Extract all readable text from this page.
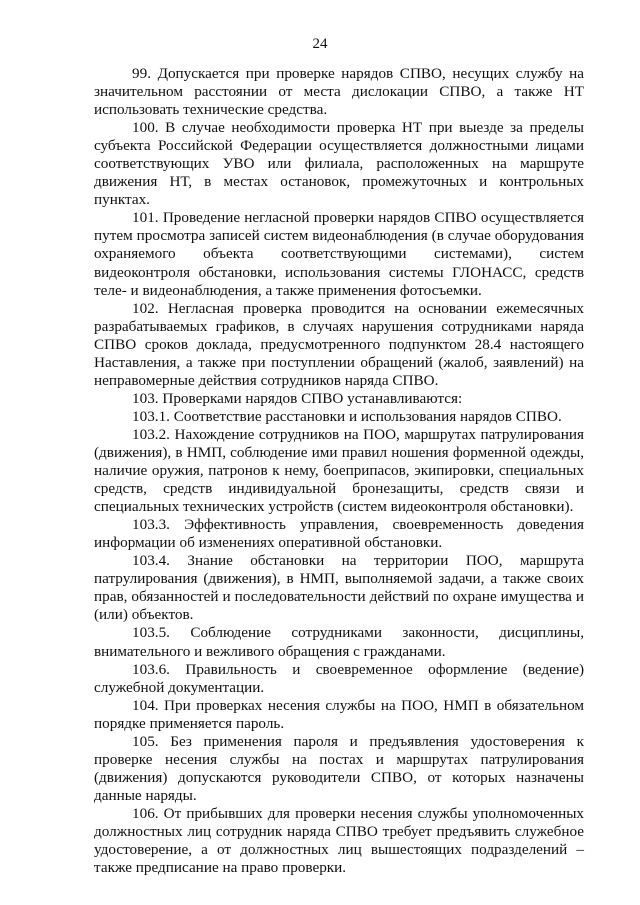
24

99. Допускается при проверке нарядов СПВО, несущих службу на значительном расстоянии от места дислокации СПВО, а также НТ использовать технические средства.

100. В случае необходимости проверка НТ при выезде за пределы субъекта Российской Федерации осуществляется должностными лицами соответствующих УВО или филиала, расположенных на маршруте движения НТ, в местах остановок, промежуточных и контрольных пунктах.

101. Проведение негласной проверки нарядов СПВО осуществляется путем просмотра записей систем видеонаблюдения (в случае оборудования охраняемого объекта соответствующими системами), систем видеоконтроля обстановки, использования системы ГЛОНАСС, средств теле- и видеонаблюдения, а также применения фотосъемки.

102. Негласная проверка проводится на основании ежемесячных разрабатываемых графиков, в случаях нарушения сотрудниками наряда СПВО сроков доклада, предусмотренного подпунктом 28.4 настоящего Наставления, а также при поступлении обращений (жалоб, заявлений) на неправомерные действия сотрудников наряда СПВО.

103. Проверками нарядов СПВО устанавливаются:

103.1. Соответствие расстановки и использования нарядов СПВО.

103.2. Нахождение сотрудников на ПОО, маршрутах патрулирования (движения), в НМП, соблюдение ими правил ношения форменной одежды, наличие оружия, патронов к нему, боеприпасов, экипировки, специальных средств, средств индивидуальной бронезащиты, средств связи и специальных технических устройств (систем видеоконтроля обстановки).

103.3. Эффективность управления, своевременность доведения информации об изменениях оперативной обстановки.

103.4. Знание обстановки на территории ПОО, маршрута патрулирования (движения), в НМП, выполняемой задачи, а также своих прав, обязанностей и последовательности действий по охране имущества и (или) объектов.

103.5. Соблюдение сотрудниками законности, дисциплины, внимательного и вежливого обращения с гражданами.

103.6. Правильность и своевременное оформление (ведение) служебной документации.

104. При проверках несения службы на ПОО, НМП в обязательном порядке применяется пароль.

105. Без применения пароля и предъявления удостоверения к проверке несения службы на постах и маршрутах патрулирования (движения) допускаются руководители СПВО, от которых назначены данные наряды.

106. От прибывших для проверки несения службы уполномоченных должностных лиц сотрудник наряда СПВО требует предъявить служебное удостоверение, а от должностных лиц вышестоящих подразделений – также предписание на право проверки.
